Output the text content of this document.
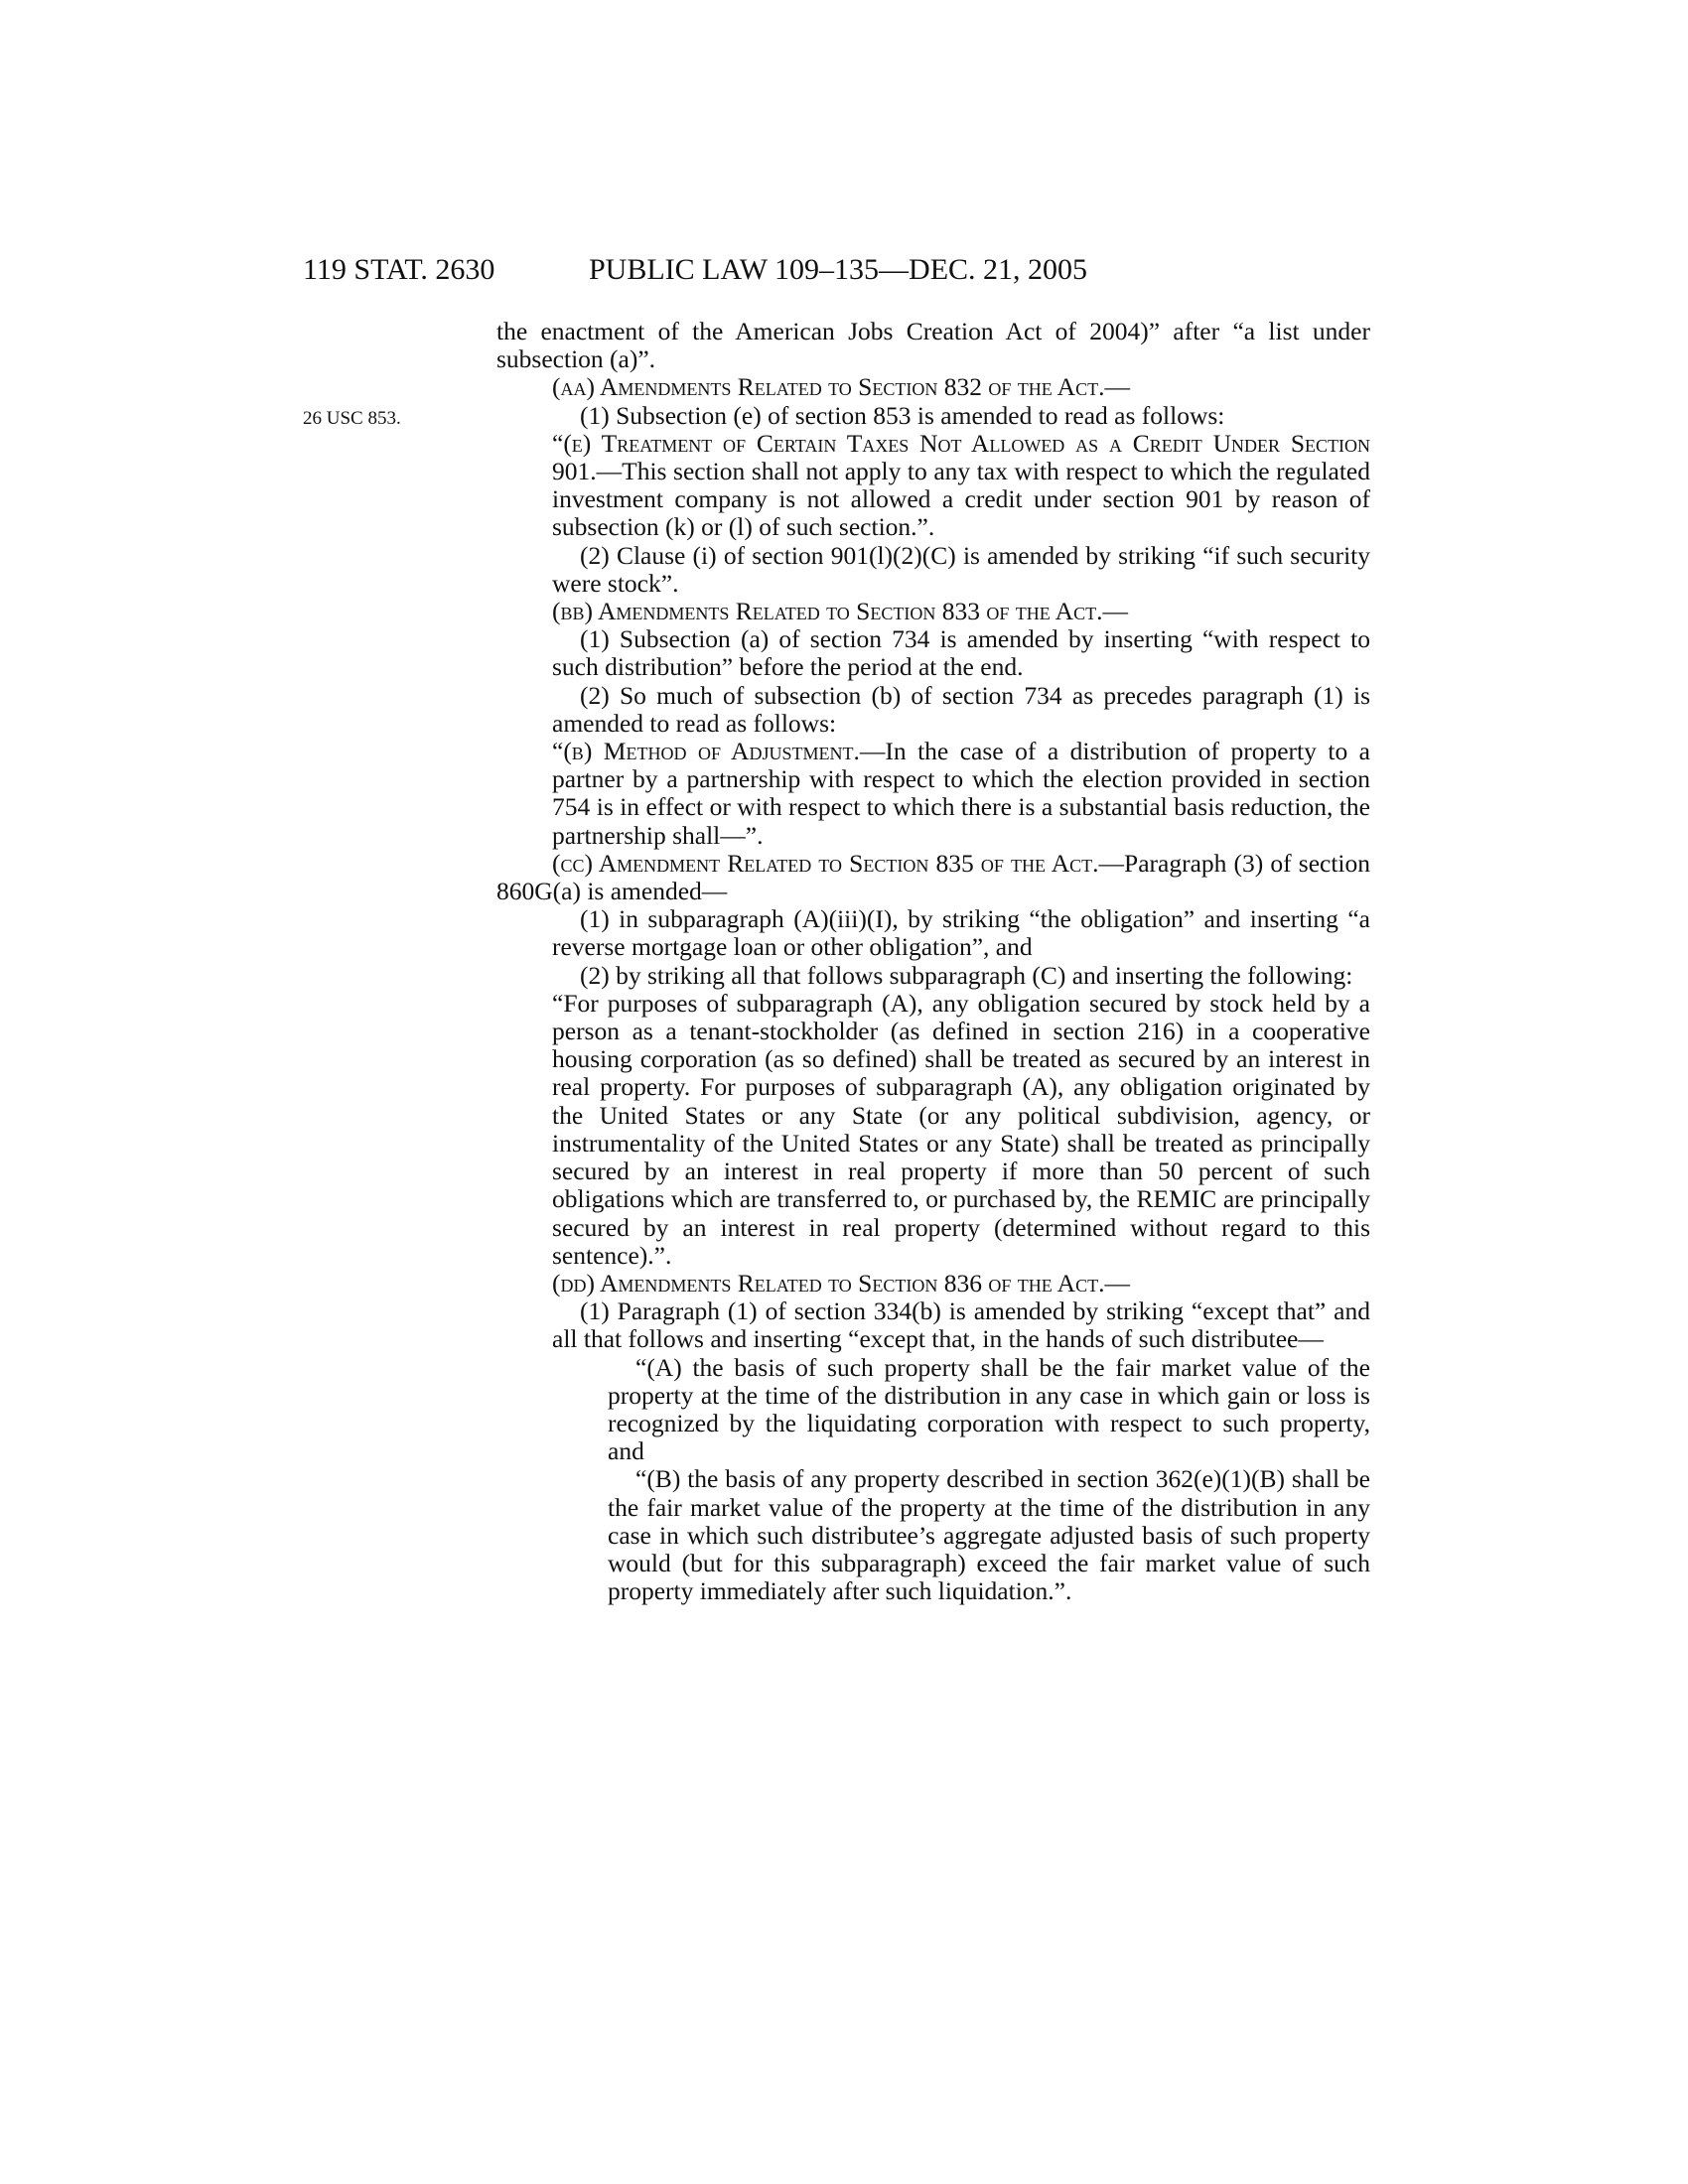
119 STAT. 2630	PUBLIC LAW 109–135—DEC. 21, 2005
26 USC 853.

the enactment of the American Jobs Creation Act of 2004)” after “a list under subsection (a)”.

(aa) Amendments Related to Section 832 of the Act.—

(1) Subsection (e) of section 853 is amended to read as follows:

“(e) Treatment of Certain Taxes Not Allowed as a Credit Under Section 901.—This section shall not apply to any tax with respect to which the regulated investment company is not allowed a credit under section 901 by reason of subsection (k) or (l) of such section.”.

(2) Clause (i) of section 901(l)(2)(C) is amended by striking “if such security were stock”.

(bb) Amendments Related to Section 833 of the Act.—

(1) Subsection (a) of section 734 is amended by inserting “with respect to such distribution” before the period at the end.

(2) So much of subsection (b) of section 734 as precedes paragraph (1) is amended to read as follows:

“(b) Method of Adjustment.—In the case of a distribution of property to a partner by a partnership with respect to which the election provided in section 754 is in effect or with respect to which there is a substantial basis reduction, the partnership shall—”.

(cc) Amendment Related to Section 835 of the Act.—Paragraph (3) of section 860G(a) is amended—

(1) in subparagraph (A)(iii)(I), by striking “the obligation” and inserting “a reverse mortgage loan or other obligation”, and

(2) by striking all that follows subparagraph (C) and inserting the following:

“For purposes of subparagraph (A), any obligation secured by stock held by a person as a tenant-stockholder (as defined in section 216) in a cooperative housing corporation (as so defined) shall be treated as secured by an interest in real property. For purposes of subparagraph (A), any obligation originated by the United States or any State (or any political subdivision, agency, or instrumentality of the United States or any State) shall be treated as principally secured by an interest in real property if more than 50 percent of such obligations which are transferred to, or purchased by, the REMIC are principally secured by an interest in real property (determined without regard to this sentence).”.

(dd) Amendments Related to Section 836 of the Act.—

(1) Paragraph (1) of section 334(b) is amended by striking “except that” and all that follows and inserting “except that, in the hands of such distributee—

“(A) the basis of such property shall be the fair market value of the property at the time of the distribution in any case in which gain or loss is recognized by the liquidating corporation with respect to such property, and

“(B) the basis of any property described in section 362(e)(1)(B) shall be the fair market value of the property at the time of the distribution in any case in which such distributee’s aggregate adjusted basis of such property would (but for this subparagraph) exceed the fair market value of such property immediately after such liquidation.”.
